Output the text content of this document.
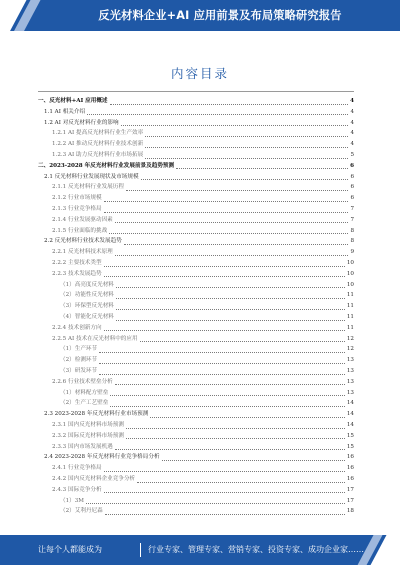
反光材料企业+AI 应用前景及布局策略研究报告
内容目录
一、反光材料+AI 应用概述	4
1.1 AI 相关介绍	4
1.2 AI 对反光材料行业的影响	4
1.2.1 AI 提高反光材料行业生产效率	4
1.2.2 AI 推动反光材料行业技术创新	4
1.2.3 AI 助力反光材料行业市场拓展	5
二、2023-2028 年反光材料行业发展前景及趋势预测	6
2.1 反光材料行业发展现状及市场规模	6
2.1.1 反光材料行业发展历程	6
2.1.2 行业市场规模	6
2.1.3 行业竞争格局	7
2.1.4 行业发展驱动因素	7
2.1.5 行业面临的挑战	8
2.2 反光材料行业技术发展趋势	8
2.2.1 反光材料技术原理	9
2.2.2 主要技术类型	10
2.2.3 技术发展趋势	10
（1）高亮度反光材料	10
（2）功能性反光材料	11
（3）环保型反光材料	11
（4）智能化反光材料	11
2.2.4 技术创新方向	11
2.2.5 AI 技术在反光材料中的应用	12
（1）生产环节	12
（2）检测环节	13
（3）研发环节	13
2.2.6 行业技术壁垒分析	13
（1）材料配方壁垒	13
（2）生产工艺壁垒	14
2.3 2023-2028 年反光材料行业市场预测	14
2.3.1 国内反光材料市场预测	14
2.3.2 国际反光材料市场预测	15
2.3.3 国内市场发展机遇	15
2.4 2023-2028 年反光材料行业竞争格局分析	16
2.4.1 行业竞争格局	16
2.4.2 国内反光材料企业竞争分析	16
2.4.3 国际竞争分析	17
（1）3M	17
（2）艾利丹尼森	18
让每个人都能成为	行业专家、管理专家、营销专家、投资专家、成功企业家……
